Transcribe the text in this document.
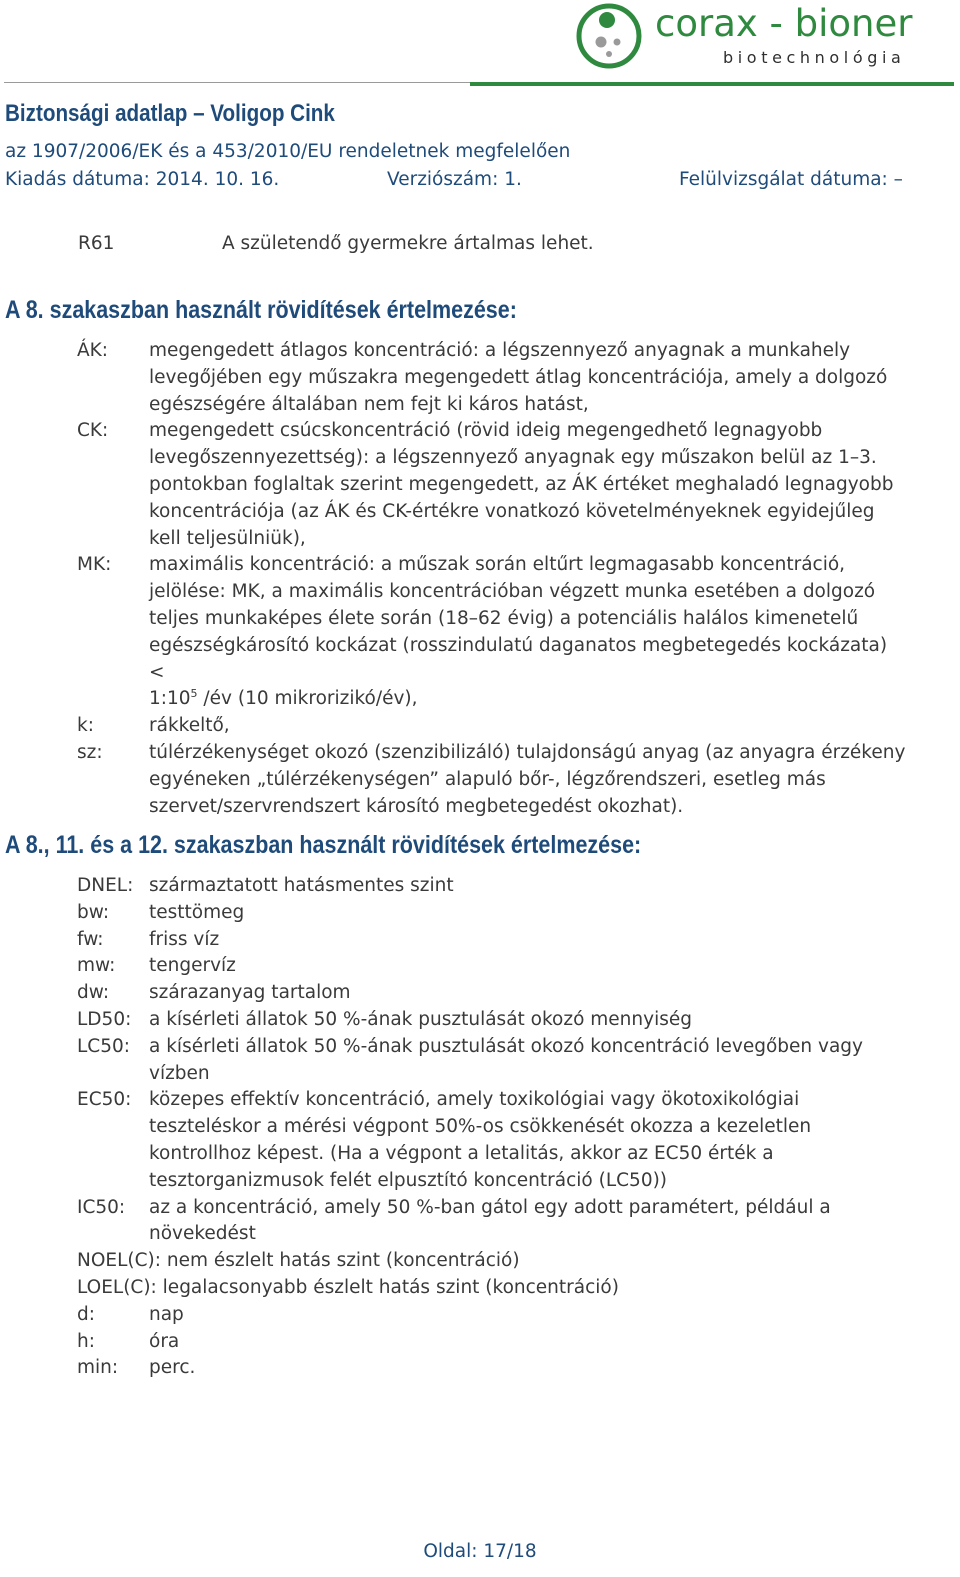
corax - bioner
biotechnológia
Biztonsági adatlap – Voligop Cink
az 1907/2006/EK és a 453/2010/EU rendeletnek megfelelően
Kiadás dátuma: 2014. 10. 16.	Verziószám: 1.	Felülvizsgálat dátuma: –
R61	A születendő gyermekre ártalmas lehet.
A 8. szakaszban használt rövidítések értelmezése:
ÁK: megengedett átlagos koncentráció: a légszennyező anyagnak a munkahely levegőjében egy műszakra megengedett átlag koncentrációja, amely a dolgozó egészségére általában nem fejt ki káros hatást,
CK: megengedett csúcskoncentráció (rövid ideig megengedhető legnagyobb levegőszennyezettség): a légszennyező anyagnak egy műszakon belül az 1–3. pontokban foglaltak szerint megengedett, az ÁK értéket meghaladó legnagyobb koncentrációja (az ÁK és CK-értékre vonatkozó követelményeknek egyidejűleg kell teljesülniük),
MK: maximális koncentráció: a műszak során eltűrt legmagasabb koncentráció, jelölése: MK, a maximális koncentrációban végzett munka esetében a dolgozó teljes munkaképes élete során (18–62 évig) a potenciális halálos kimenetelű egészségkárosító kockázat (rosszindulatú daganatos megbetegedés kockázata) <
$1:10^5$ /év (10 mikrorizikó/év),
k:	rákkeltő,
sz:	túlérzékenységet okozó (szenzibilizáló) tulajdonságú anyag (az anyagra érzékeny egyéneken „túlérzékenységen” alapuló bőr-, légzőrendszeri, esetleg más szervet/szervrendszert károsító megbetegedést okozhat).
A 8., 11. és a 12. szakaszban használt rövidítések értelmezése:
DNEL: származtatott hatásmentes szint
bw: testtömeg
fw: friss víz
mw: tengervíz
dw: szárazanyag tartalom
LD50: a kísérleti állatok 50 %-ának pusztulását okozó mennyiség
LC50: a kísérleti állatok 50 %-ának pusztulását okozó koncentráció levegőben vagy vízben
EC50: közepes effektív koncentráció, amely toxikológiai vagy ökotoxikológiai teszteléskor a mérési végpont 50%-os csökkenését okozza a kezeletlen kontrollhoz képest. (Ha a végpont a letalitás, akkor az EC50 érték a tesztorganizmusok felét elpusztító koncentráció (LC50))
IC50: az a koncentráció, amely 50 %-ban gátol egy adott paramétert, például a növekedést
NOEL(C): nem észlelt hatás szint (koncentráció)
LOEL(C): legalacsonyabb észlelt hatás szint (koncentráció)
d:	nap
h:	óra
min: perc.
Oldal: 17/18
